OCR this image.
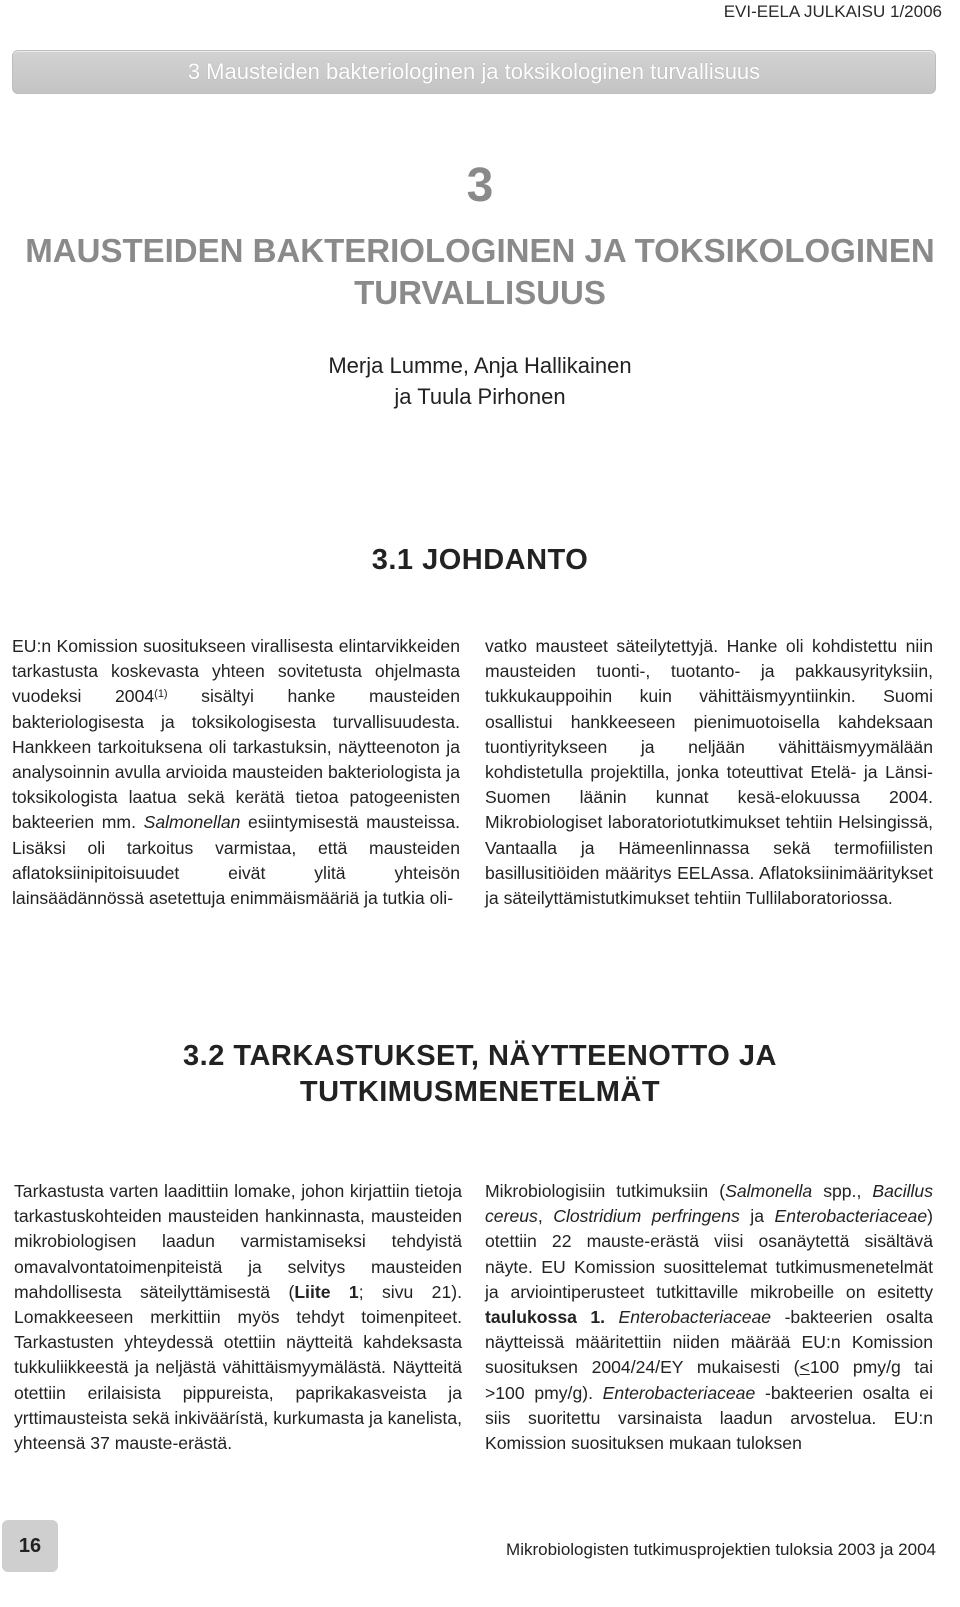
EVI-EELA JULKAISU 1/2006
3 Mausteiden bakteriologinen ja toksikologinen turvallisuus
3
MAUSTEIDEN BAKTERIOLOGINEN JA TOKSIKOLOGINEN
TURVALLISUUS
Merja Lumme, Anja Hallikainen
ja Tuula Pirhonen
3.1 JOHDANTO

EU:n Komission suositukseen virallisesta elintarvikkeiden tarkastusta koskevasta yhteen sovitetusta ohjelmasta vuodeksi 2004$^{(1)}$ sisältyi hanke mausteiden bakteriologisesta ja toksikologisesta turvallisuudesta. Hankkeen tarkoituksena oli tarkastuksin, näytteenoton ja analysoinnin avulla arvioida mausteiden bakteriologista ja toksikologista laatua sekä kerätä tietoa patogeenisten bakteerien mm. Salmonellan esiintymisestä mausteissa. Lisäksi oli tarkoitus varmistaa, että mausteiden aflatoksiinipitoisuudet eivät ylitä yhteisön lainsäädännössä asetettuja enimmäismääriä ja tutkia oli-

vatko mausteet säteilytettyjä. Hanke oli kohdistettu niin mausteiden tuonti-, tuotanto- ja pakkausyrityksiin, tukkukauppoihin kuin vähittäismyyntiinkin. Suomi osallistui hankkeeseen pienimuotoisella kahdeksaan tuontiyritykseen ja neljään vähittäismyymälään kohdistetulla projektilla, jonka toteuttivat Etelä- ja Länsi-Suomen läänin kunnat kesä-elokuussa 2004. Mikrobiologiset laboratoriotutkimukset tehtiin Helsingissä, Vantaalla ja Hämeenlinnassa sekä termofiilisten basillusitiöiden määritys EELAssa. Aflatoksiinimääritykset ja säteilyttämistutkimukset tehtiin Tullilaboratoriossa.

3.2 TARKASTUKSET, NÄYTTEENOTTO JA
TUTKIMUSMENETELMÄT

Tarkastusta varten laadittiin lomake, johon kirjattiin tietoja tarkastuskohteiden mausteiden hankinnasta, mausteiden mikrobiologisen laadun varmistamiseksi tehdyistä omavalvontatoimenpiteistä ja selvitys mausteiden mahdollisesta säteilyttämisestä (Liite 1; sivu 21). Lomakkeeseen merkittiin myös tehdyt toimenpiteet. Tarkastusten yhteydessä otettiin näytteitä kahdeksasta tukkuliikkeestä ja neljästä vähittäismyymälästä. Näytteitä otettiin erilaisista pippureista, paprikakasveista ja yrttimausteista sekä inkiväärístä, kurkumasta ja kanelista, yhteensä 37 mauste-erästä.

Mikrobiologisiin tutkimuksiin (Salmonella spp., Bacillus cereus, Clostridium perfringens ja Enterobacteriaceae) otettiin 22 mauste-erästä viisi osanäytettä sisältävä näyte. EU Komission suosittelemat tutkimusmenetelmät ja arviointiperusteet tutkittaville mikrobeille on esitetty taulukossa 1. Enterobacteriaceae -bakteerien osalta näytteissä määritettiin niiden määrää EU:n Komission suosituksen 2004/24/EY mukaisesti (<100 pmy/g tai >100 pmy/g). Enterobacteriaceae -bakteerien osalta ei siis suoritettu varsinaista laadun arvostelua. EU:n Komission suosituksen mukaan tuloksen

16	Mikrobiologisten tutkimusprojektien tuloksia 2003 ja 2004
